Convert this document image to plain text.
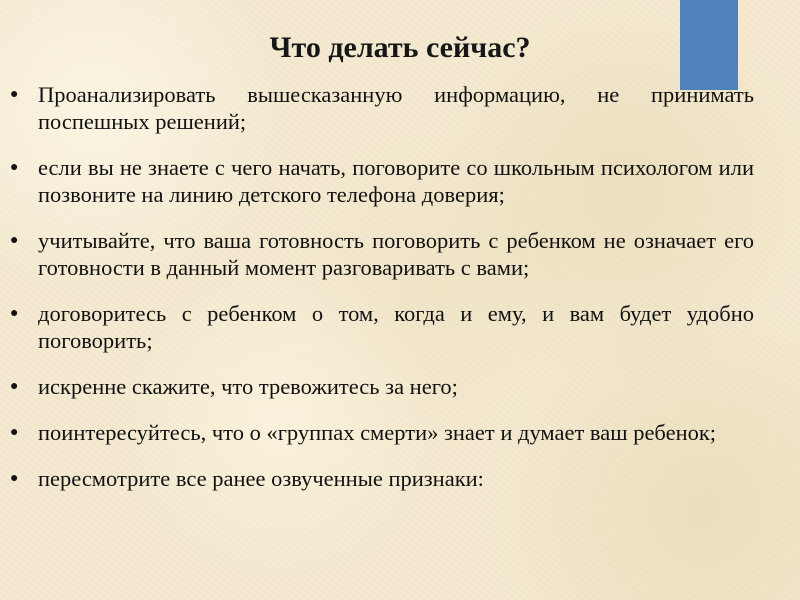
Что делать сейчас?
● Проанализировать вышесказанную информацию, не принимать поспешных решений;
● если вы не знаете с чего начать, поговорите со школьным психологом или позвоните на линию детского телефона доверия;
● учитывайте, что ваша готовность поговорить с ребенком не означает его готовности в данный момент разговаривать с вами;
● договоритесь с ребенком о том, когда и ему, и вам будет удобно поговорить;
● искренне скажите, что тревожитесь за него;
● поинтересуйтесь, что о «группах смерти» знает и думает ваш ребенок;
● пересмотрите все ранее озвученные признаки:
